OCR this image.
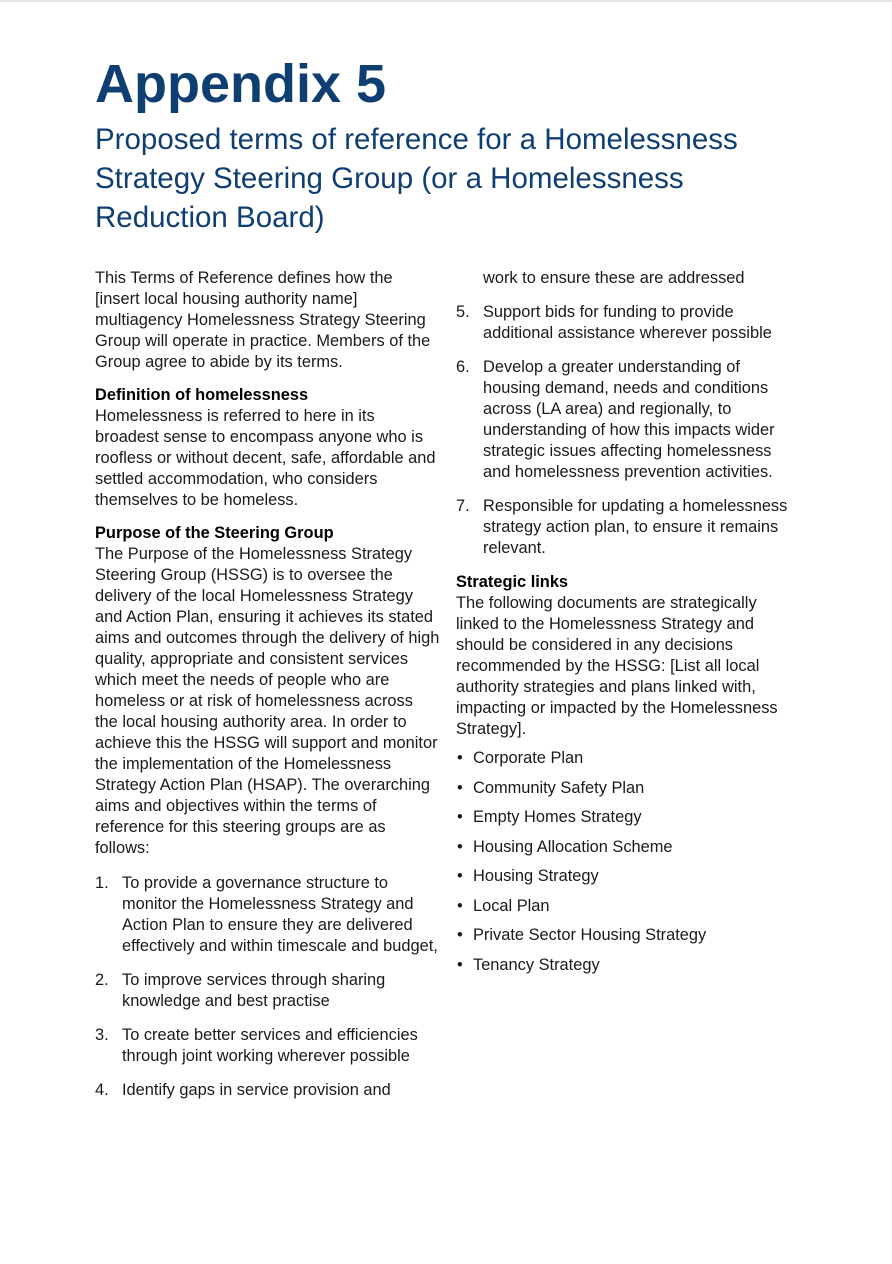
Appendix 5
Proposed terms of reference for a Homelessness Strategy Steering Group (or a Homelessness Reduction Board)

This Terms of Reference defines how the [insert local housing authority name] multiagency Homelessness Strategy Steering Group will operate in practice. Members of the Group agree to abide by its terms.

Definition of homelessness

Homelessness is referred to here in its broadest sense to encompass anyone who is roofless or without decent, safe, affordable and settled accommodation, who considers themselves to be homeless.

Purpose of the Steering Group

The Purpose of the Homelessness Strategy Steering Group (HSSG) is to oversee the delivery of the local Homelessness Strategy and Action Plan, ensuring it achieves its stated aims and outcomes through the delivery of high quality, appropriate and consistent services which meet the needs of people who are homeless or at risk of homelessness across the local housing authority area. In order to achieve this the HSSG will support and monitor the implementation of the Homelessness Strategy Action Plan (HSAP). The overarching aims and objectives within the terms of reference for this steering groups are as follows:

1. To provide a governance structure to monitor the Homelessness Strategy and Action Plan to ensure they are delivered effectively and within timescale and budget,
2. To improve services through sharing knowledge and best practise
3. To create better services and efficiencies through joint working wherever possible
4. Identify gaps in service provision and

work to ensure these are addressed

5. Support bids for funding to provide additional assistance wherever possible
6. Develop a greater understanding of housing demand, needs and conditions across (LA area) and regionally, to understanding of how this impacts wider strategic issues affecting homelessness and homelessness prevention activities.
7. Responsible for updating a homelessness strategy action plan, to ensure it remains relevant.

Strategic links

The following documents are strategically linked to the Homelessness Strategy and should be considered in any decisions recommended by the HSSG: [List all local authority strategies and plans linked with, impacting or impacted by the Homelessness Strategy].

• Corporate Plan
• Community Safety Plan
• Empty Homes Strategy
• Housing Allocation Scheme
• Housing Strategy
• Local Plan
• Private Sector Housing Strategy
• Tenancy Strategy
